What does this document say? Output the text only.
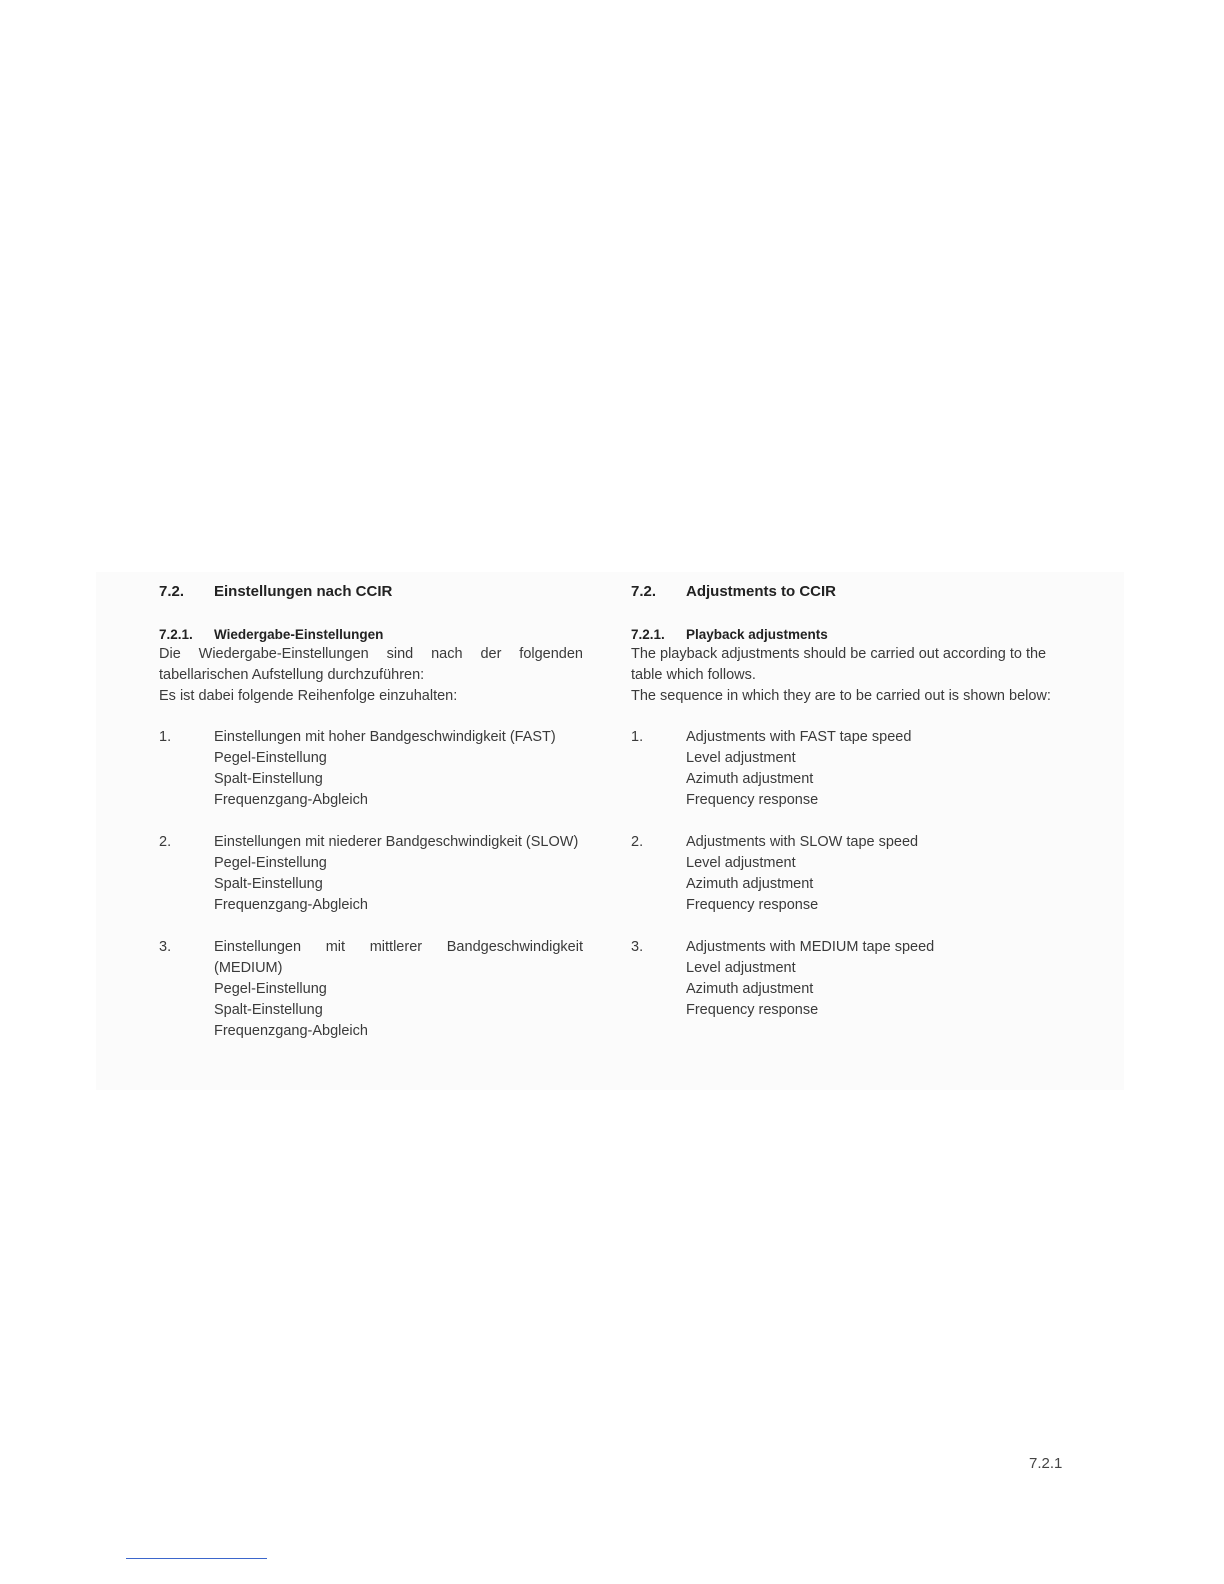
7.2.	Einstellungen nach CCIR
7.2.1.	Wiedergabe-Einstellungen

Die Wiedergabe-Einstellungen sind nach der folgenden tabellarischen Aufstellung durchzuführen:

Es ist dabei folgende Reihenfolge einzuhalten:

1.	Einstellungen mit hoher Bandgeschwindigkeit (FAST)
Pegel-Einstellung
Spalt-Einstellung
Frequenzgang-Abgleich
2.	Einstellungen mit niederer Bandgeschwindigkeit (SLOW)
Pegel-Einstellung
Spalt-Einstellung
Frequenzgang-Abgleich
3.	Einstellungen mit mittlerer Bandgeschwindigkeit (MEDIUM)
Pegel-Einstellung
Spalt-Einstellung
Frequenzgang-Abgleich
7.2.	Adjustments to CCIR
7.2.1.	Playback adjustments

The playback adjustments should be carried out according to the table which follows.

The sequence in which they are to be carried out is shown below:

1.	Adjustments with FAST tape speed
Level adjustment
Azimuth adjustment
Frequency response
2.	Adjustments with SLOW tape speed
Level adjustment
Azimuth adjustment
Frequency response
3.	Adjustments with MEDIUM tape speed
Level adjustment
Azimuth adjustment
Frequency response
7.2.1
